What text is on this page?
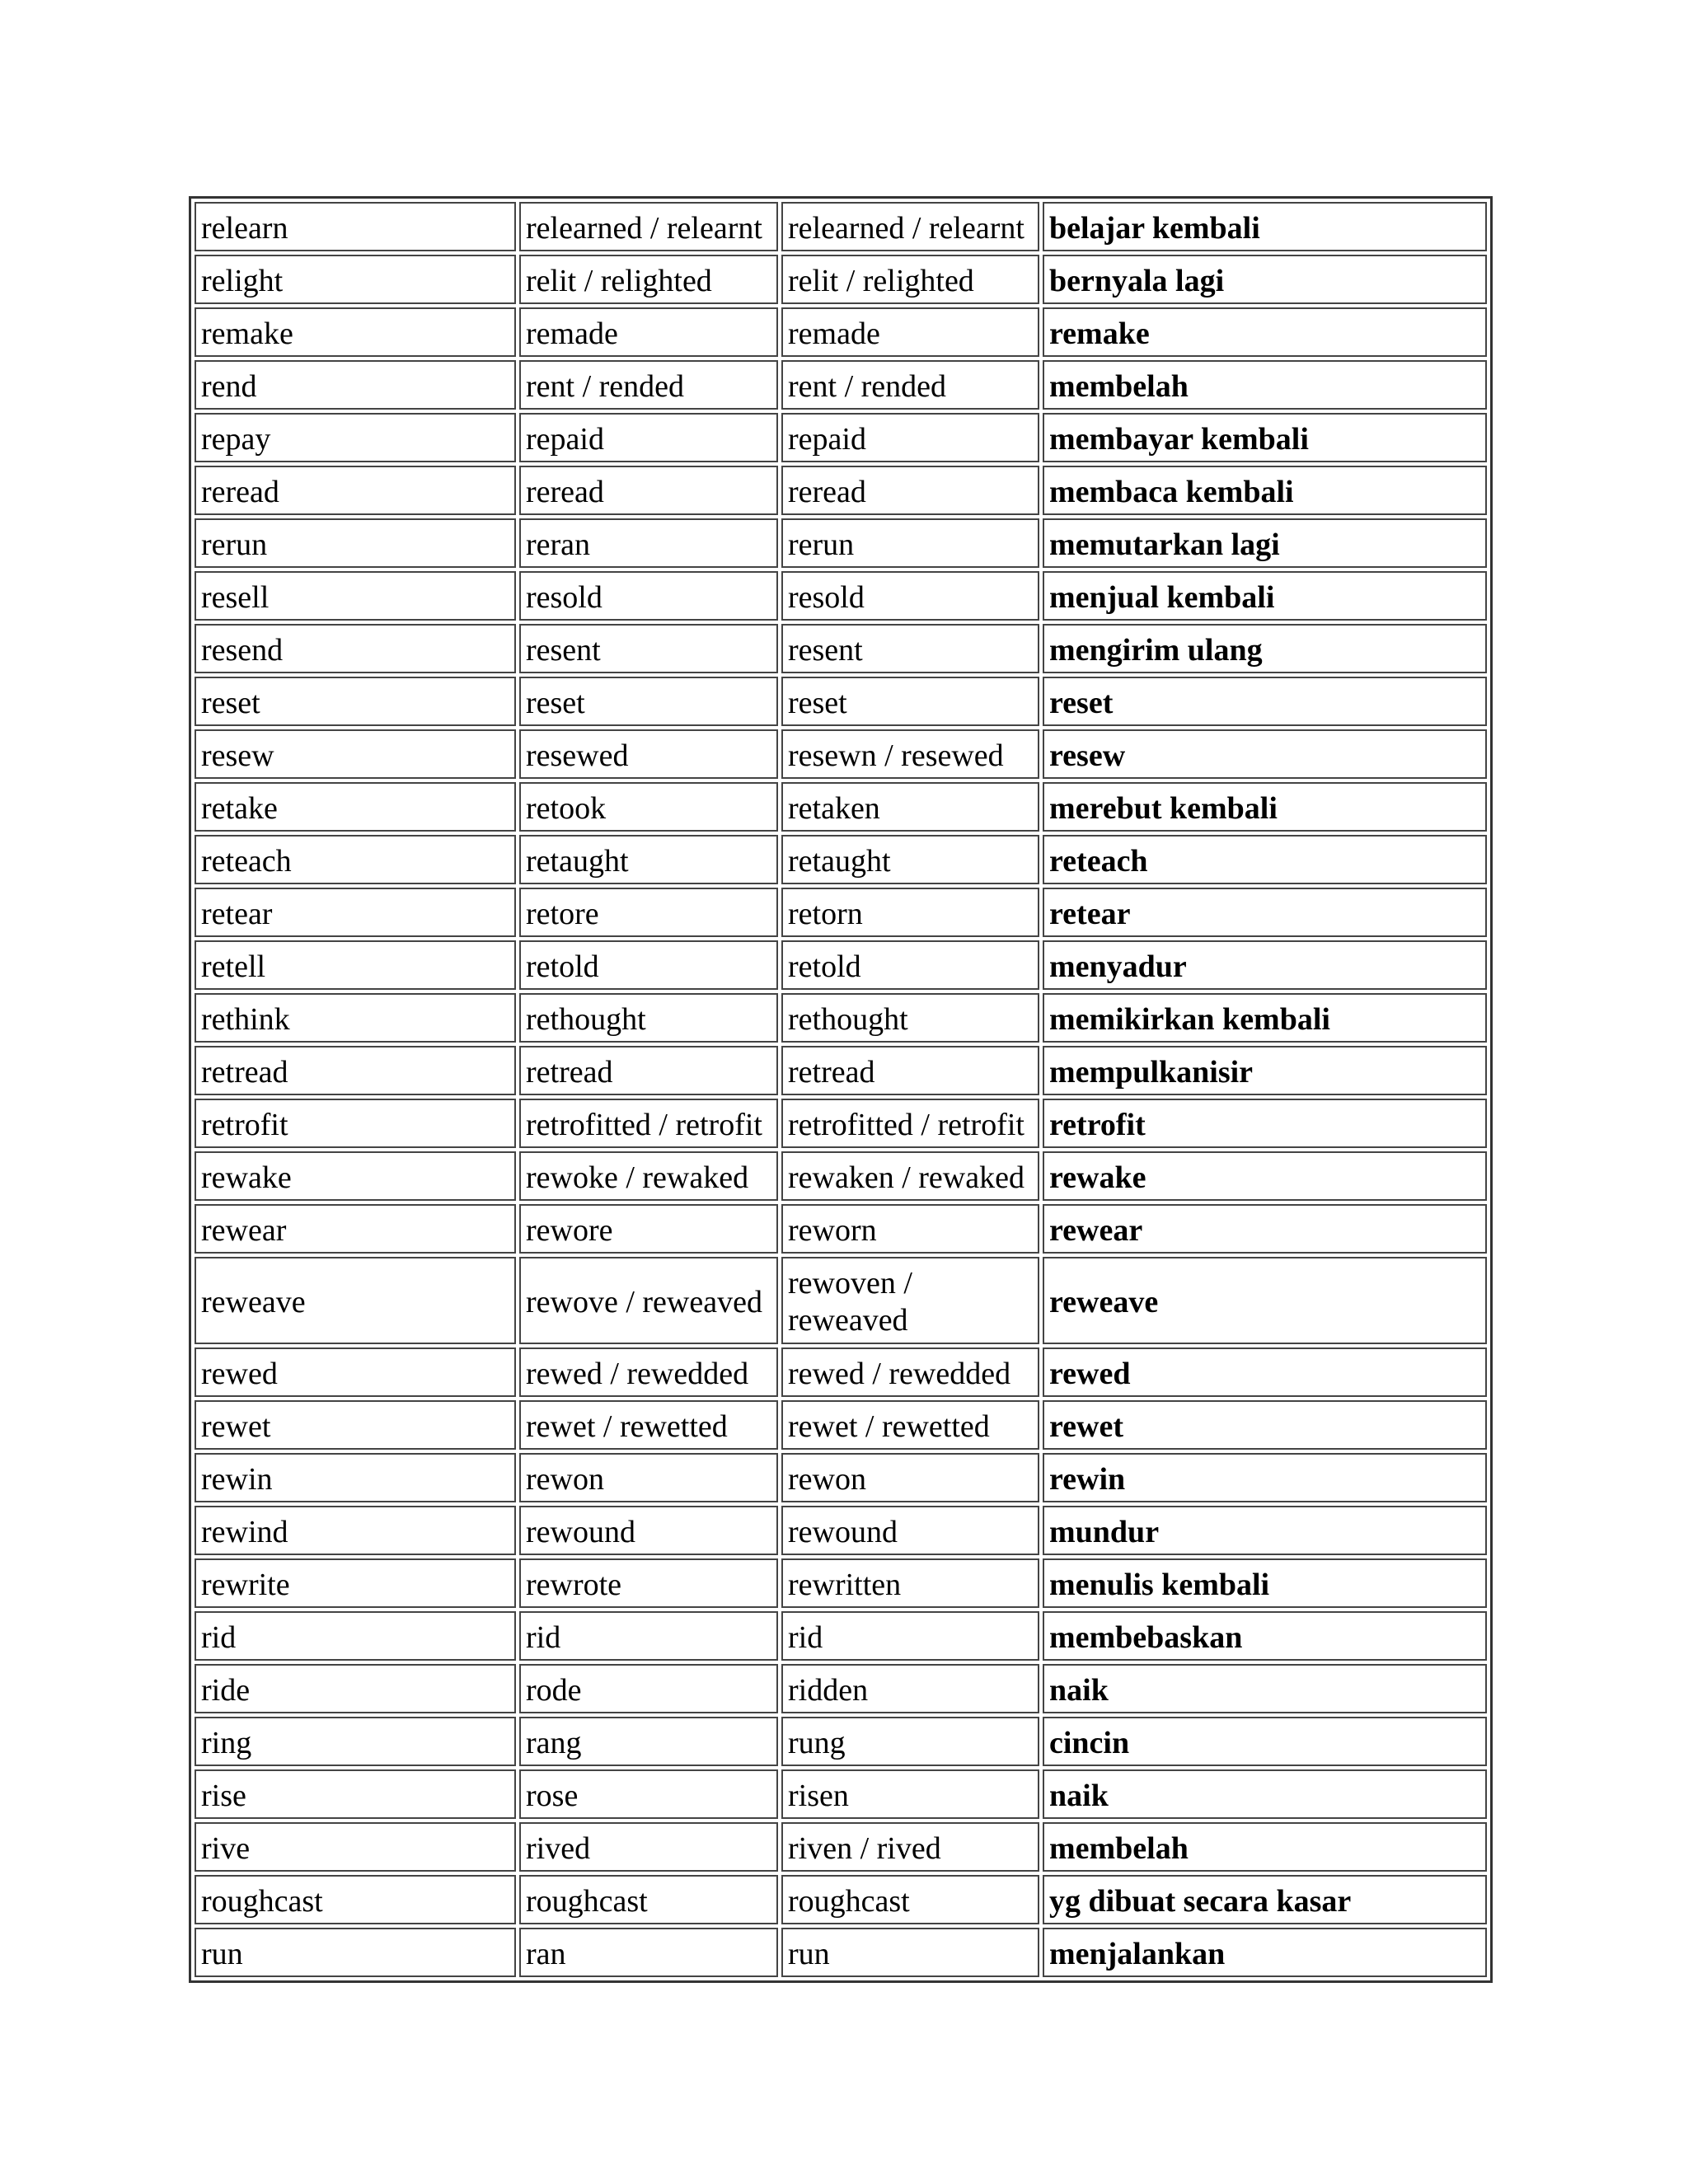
relearn	relearned / relearnt	relearned / relearnt	belajar kembali
relight	relit / relighted	relit / relighted	bernyala lagi
remake	remade	remade	remake
rend	rent / rended	rent / rended	membelah
repay	repaid	repaid	membayar kembali
reread	reread	reread	membaca kembali
rerun	reran	rerun	memutarkan lagi
resell	resold	resold	menjual kembali
resend	resent	resent	mengirim ulang
reset	reset	reset	reset
resew	resewed	resewn / resewed	resew
retake	retook	retaken	merebut kembali
reteach	retaught	retaught	reteach
retear	retore	retorn	retear
retell	retold	retold	menyadur
rethink	rethought	rethought	memikirkan kembali
retread	retread	retread	mempulkanisir
retrofit	retrofitted / retrofit	retrofitted / retrofit	retrofit
rewake	rewoke / rewaked	rewaken / rewaked	rewake
rewear	rewore	reworn	rewear
reweave	rewove / reweaved	rewoven / reweaved	reweave
rewed	rewed / rewedded	rewed / rewedded	rewed
rewet	rewet / rewetted	rewet / rewetted	rewet
rewin	rewon	rewon	rewin
rewind	rewound	rewound	mundur
rewrite	rewrote	rewritten	menulis kembali
rid	rid	rid	membebaskan
ride	rode	ridden	naik
ring	rang	rung	cincin
rise	rose	risen	naik
rive	rived	riven / rived	membelah
roughcast	roughcast	roughcast	yg dibuat secara kasar
run	ran	run	menjalankan
